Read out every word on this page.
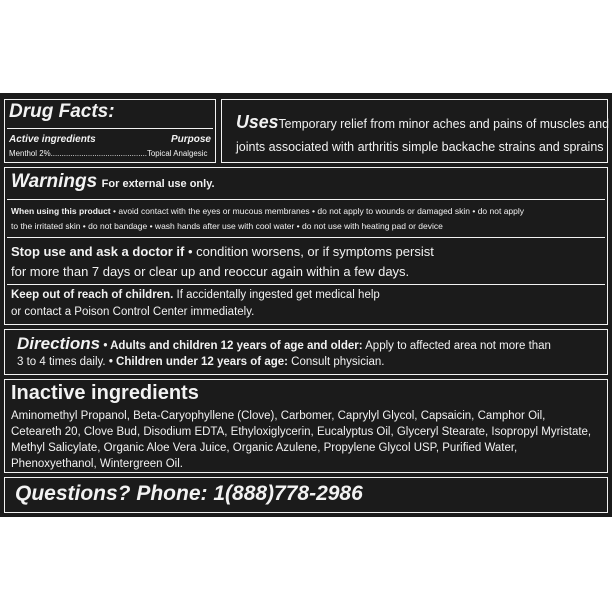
Drug Facts:
Active ingredients	Purpose
Menthol 2%............................................Topical Analgesic
UsesTemporary relief from minor aches and pains of muscles and
joints associated with arthritis simple backache strains and sprains
Warnings For external use only.
When using this product • avoid contact with the eyes or mucous membranes • do not apply to wounds or damaged skin • do not apply
to the irritated skin • do not bandage • wash hands after use with cool water • do not use with heating pad or device
Stop use and ask a doctor if • condition worsens, or if symptoms persist
for more than 7 days or clear up and reoccur again within a few days.
Keep out of reach of children. If accidentally ingested get medical help
or contact a Poison Control Center immediately.
Directions • Adults and children 12 years of age and older: Apply to affected area not more than
3 to 4 times daily. • Children under 12 years of age: Consult physician.
Inactive ingredients
Aminomethyl Propanol, Beta-Caryophyllene (Clove), Carbomer, Caprylyl Glycol, Capsaicin, Camphor Oil,
Ceteareth 20, Clove Bud, Disodium EDTA, Ethyloxiglycerin, Eucalyptus Oil, Glyceryl Stearate, Isopropyl Myristate,
Methyl Salicylate, Organic Aloe Vera Juice, Organic Azulene, Propylene Glycol USP, Purified Water,
Phenoxyethanol, Wintergreen Oil.
Questions? Phone: 1(888)778-2986
